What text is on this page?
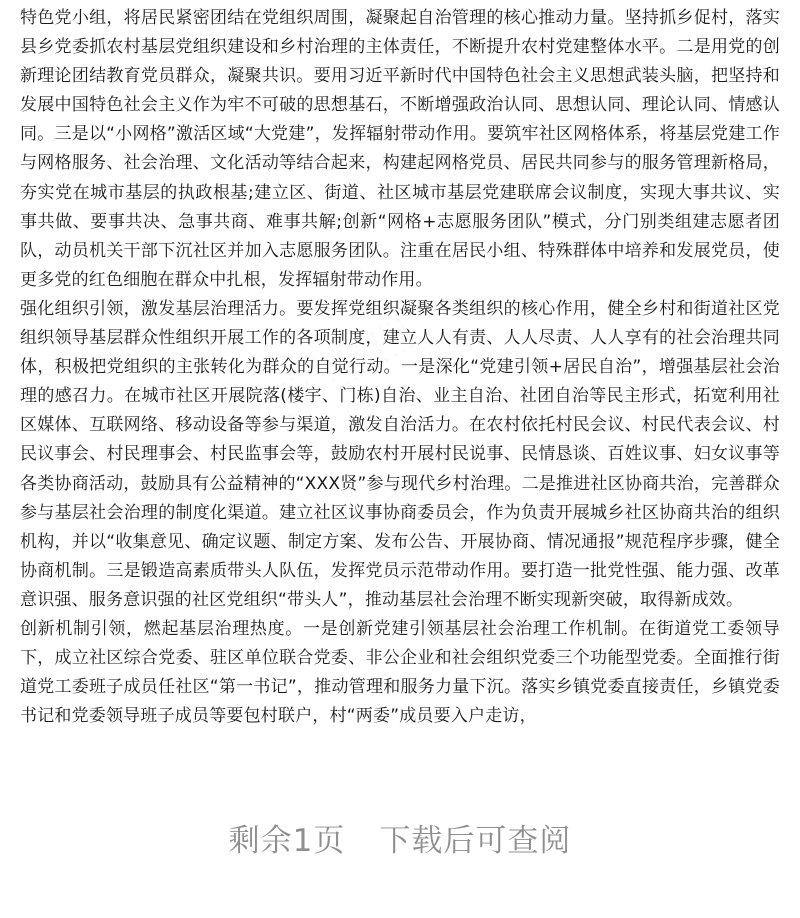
⬚ ⬚ ⬚ ⬚

特色党小组，将居民紧密团结在党组织周围，凝聚起自治管理的核心推动力量。坚持抓乡促村，落实县乡党委抓农村基层党组织建设和乡村治理的主体责任，不断提升农村党建整体水平。二是用党的创新理论团结教育党员群众，凝聚共识。要用习近平新时代中国特色社会主义思想武装头脑，把坚持和发展中国特色社会主义作为牢不可破的思想基石，不断增强政治认同、思想认同、理论认同、情感认同。三是以“小网格”激活区域“大党建”，发挥辐射带动作用。要筑牢社区网格体系，将基层党建工作与网格服务、社会治理、文化活动等结合起来，构建起网格党员、居民共同参与的服务管理新格局，夯实党在城市基层的执政根基;建立区、街道、社区城市基层党建联席会议制度，实现大事共议、实事共做、要事共决、急事共商、难事共解;创新“网格+志愿服务团队”模式，分门别类组建志愿者团队，动员机关干部下沉社区并加入志愿服务团队。注重在居民小组、特殊群体中培养和发展党员，使更多党的红色细胞在群众中扎根，发挥辐射带动作用。

强化组织引领，激发基层治理活力。要发挥党组织凝聚各类组织的核心作用，健全乡村和街道社区党组织领导基层群众性组织开展工作的各项制度，建立人人有责、人人尽责、人人享有的社会治理共同体，积极把党组织的主张转化为群众的自觉行动。一是深化“党建引领+居民自治”，增强基层社会治理的感召力。在城市社区开展院落(楼宇、门栋)自治、业主自治、社团自治等民主形式，拓宽利用社区媒体、互联网络、移动设备等参与渠道，激发自治活力。在农村依托村民会议、村民代表会议、村民议事会、村民理事会、村民监事会等，鼓励农村开展村民说事、民情恳谈、百姓议事、妇女议事等各类协商活动，鼓励具有公益精神的“XXX贤”参与现代乡村治理。二是推进社区协商共治，完善群众参与基层社会治理的制度化渠道。建立社区议事协商委员会，作为负责开展城乡社区协商共治的组织机构，并以“收集意见、确定议题、制定方案、发布公告、开展协商、情况通报”规范程序步骤，健全协商机制。三是锻造高素质带头人队伍，发挥党员示范带动作用。要打造一批党性强、能力强、改革意识强、服务意识强的社区党组织“带头人”，推动基层社会治理不断实现新突破，取得新成效。

创新机制引领，燃起基层治理热度。一是创新党建引领基层社会治理工作机制。在街道党工委领导下，成立社区综合党委、驻区单位联合党委、非公企业和社会组织党委三个功能型党委。全面推行街道党工委班子成员任社区“第一书记”，推动管理和服务力量下沉。落实乡镇党委直接责任，乡镇党委书记和党委领导班子成员等要包村联户，村“两委”成员要入户走访，

剩余1页 下载后可查阅
